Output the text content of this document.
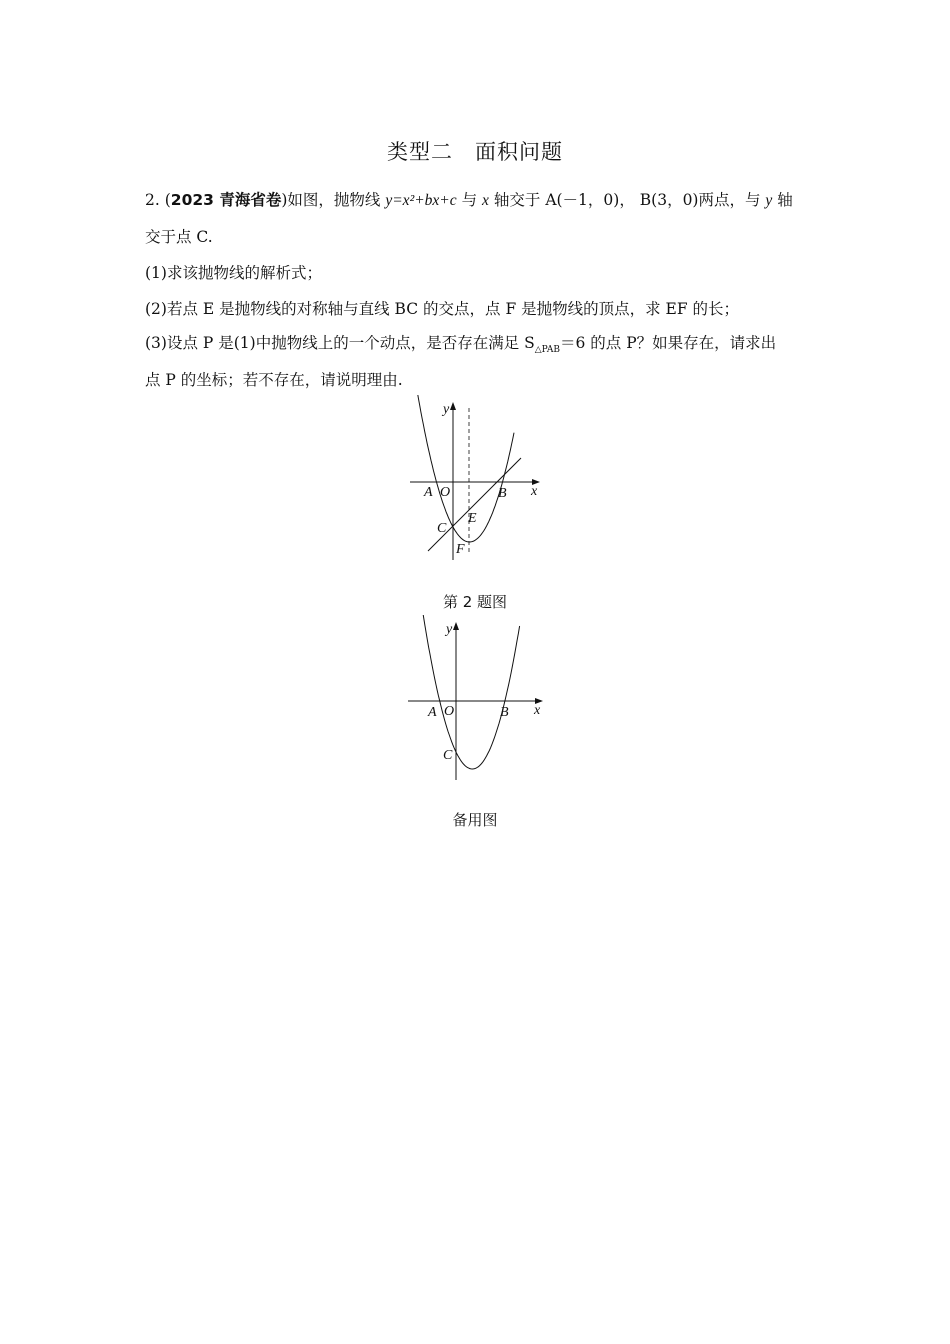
类型二　面积问题
2. (2023 青海省卷)如图，抛物线 y=x²+bx+c 与 x 轴交于 A(－1，0)， B(3，0)两点，与 y 轴
交于点 C.
(1)求该抛物线的解析式；
(2)若点 E 是抛物线的对称轴与直线 BC 的交点，点 F 是抛物线的顶点，求 EF 的长；
(3)设点 P 是(1)中抛物线上的一个动点，是否存在满足 $S_{\triangle PAB}=6$ 的点 P？如果存在，请求出
点 P 的坐标；若不存在，请说明理由.
y
x
A O	B
C
E
F
第 2 题图
y
x
A O	B
C
备用图
